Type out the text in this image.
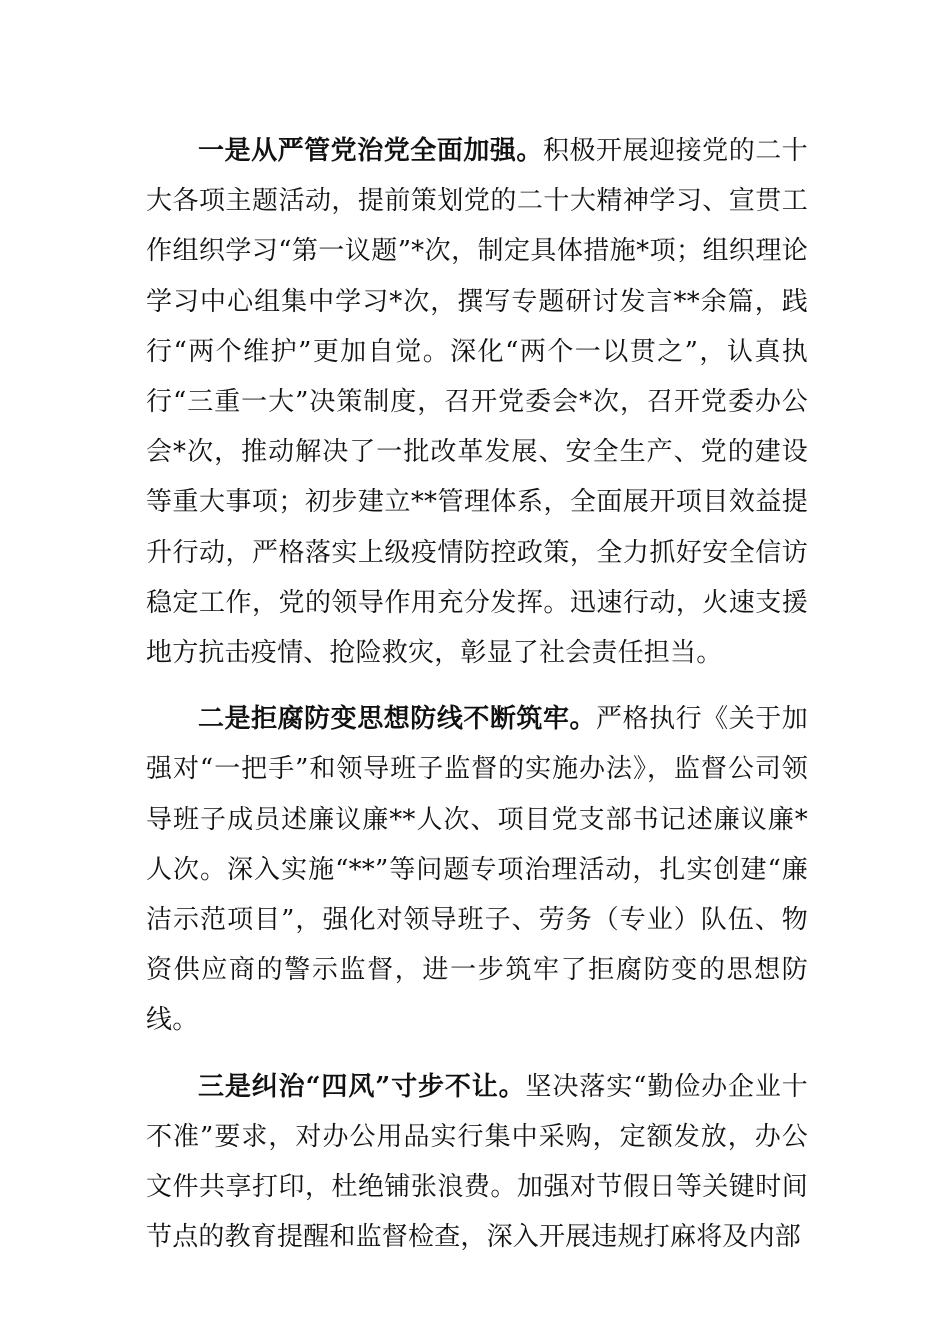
一是从严管党治党全面加强。积极开展迎接党的二十大各项主题活动，提前策划党的二十大精神学习、宣贯工作组织学习“第一议题”*次，制定具体措施*项；组织理论学习中心组集中学习*次，撰写专题研讨发言**余篇，践行“两个维护”更加自觉。深化“两个一以贯之”，认真执行“三重一大”决策制度，召开党委会*次，召开党委办公会*次，推动解决了一批改革发展、安全生产、党的建设等重大事项；初步建立**管理体系，全面展开项目效益提升行动，严格落实上级疫情防控政策，全力抓好安全信访稳定工作，党的领导作用充分发挥。迅速行动，火速支援地方抗击疫情、抢险救灾，彰显了社会责任担当。

二是拒腐防变思想防线不断筑牢。严格执行《关于加强对“一把手”和领导班子监督的实施办法》，监督公司领导班子成员述廉议廉**人次、项目党支部书记述廉议廉*人次。深入实施“**”等问题专项治理活动，扎实创建“廉洁示范项目”，强化对领导班子、劳务（专业）队伍、物资供应商的警示监督，进一步筑牢了拒腐防变的思想防线。

三是纠治“四风”寸步不让。坚决落实“勤俭办企业十不准”要求，对办公用品实行集中采购，定额发放，办公文件共享打印，杜绝铺张浪费。加强对节假日等关键时间节点的教育提醒和监督检查，深入开展违规打麻将及内部
